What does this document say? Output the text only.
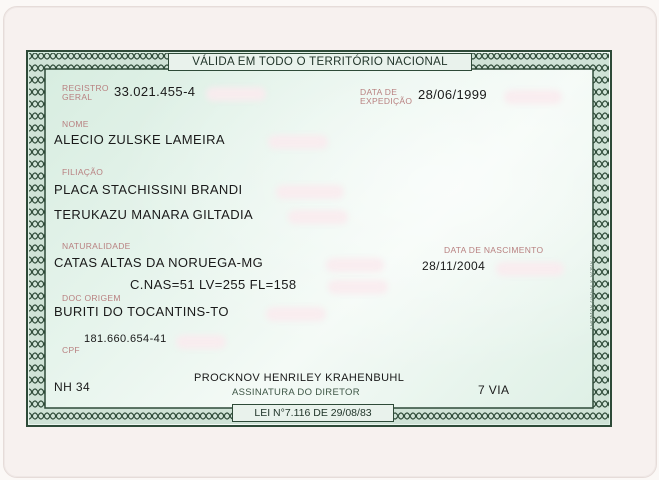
VÁLIDA EM TODO O TERRITÓRIO NACIONAL
REGISTRO
GERAL	33.021.455-4	DATA DE
EXPEDIÇÃO 28/06/1999
NOME
ALECIO ZULSKE LAMEIRA
FILIAÇÃO
PLACA STACHISSINI BRANDI
TERUKAZU MANARA GILTADIA
NATURALIDADE
CATAS ALTAS DA NORUEGA-MG
DATA DE NASCIMENTO
28/11/2004
C.NAS=51 LV=255 FL=158
DOC ORIGEM
BURITI DO TOCANTINS-TO
181.660.654-41
CPF
NH 34
PROCKNOV HENRILEY KRAHENBUHL
ASSINATURA DO DIRETOR	7 VIA
LEI N°7.116 DE 29/08/83
THOMAS GREG & SONS
